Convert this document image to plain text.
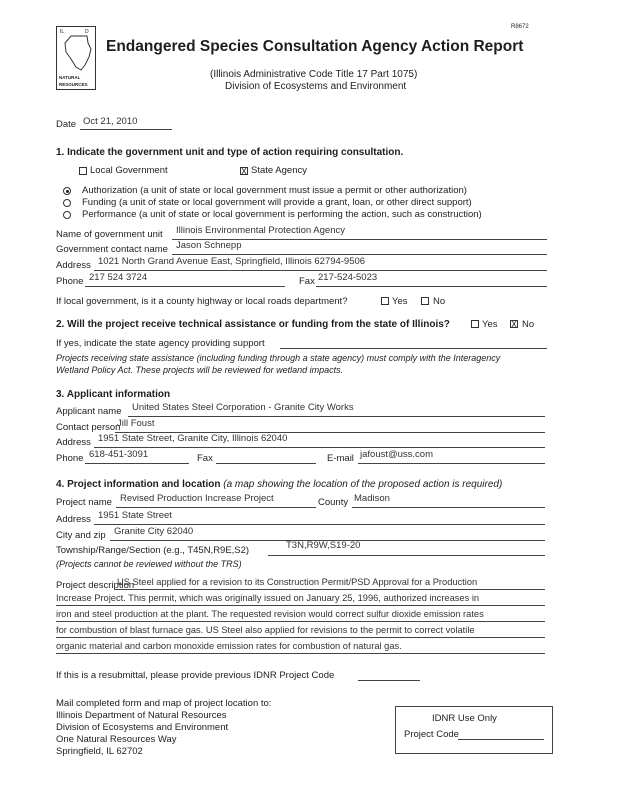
R8672
IL	D
NATURAL
RESOURCES
Endangered Species Consultation Agency Action Report
(Illinois Administrative Code Title 17 Part 1075)
Division of Ecosystems and Environment
Date Oct 21, 2010
1. Indicate the government unit and type of action requiring consultation.
Local Government	X State Agency
Authorization (a unit of state or local government must issue a permit or other authorization)
Funding (a unit of state or local government will provide a grant, loan, or other direct support)
Performance (a unit of state or local government is performing the action, such as construction)
Name of government unit Illinois Environmental Protection Agency
Government contact name Jason Schnepp
Address 1021 North Grand Avenue East, Springfield, Illinois 62794-9506
Phone 217 524 3724	Fax 217-524-5023
If local government, is it a county highway or local roads department?	Yes	No
2. Will the project receive technical assistance or funding from the state of Illinois?	Yes X No
If yes, indicate the state agency providing support
Projects receiving state assistance (including funding through a state agency) must comply with the Interagency
Wetland Policy Act. These projects will be reviewed for wetland impacts.
3. Applicant information
Applicant name United States Steel Corporation - Granite City Works
Contact person
Jill Foust
Address 1951 State Street, Granite City, Illinois 62040
Phone 618-451-3091	Fax	E-mail jafoust@uss.com
4. Project information and location (a map showing the location of the proposed action is required)
Project name Revised Production Increase Project	County Madison
Address 1951 State Street
City and zip Granite City 62040
Township/Range/Section (e.g., T45N,R9E,S2)	T3N,R9W,S19-20
(Projects cannot be reviewed without the TRS)
Project description
US Steel applied for a revision to its Construction Permit/PSD Approval for a Production
Increase Project. This permit, which was originally issued on January 25, 1996, authorized increases in
iron and steel production at the plant. The requested revision would correct sulfur dioxide emission rates
for combustion of blast furnace gas. US Steel also applied for revisions to the permit to correct volatile
organic material and carbon monoxide emission rates for combustion of natural gas.
If this is a resubmittal, please provide previous IDNR Project Code
Mail completed form and map of project location to:
Illinois Department of Natural Resources
Division of Ecosystems and Environment
One Natural Resources Way
Springfield, IL 62702
IDNR Use Only
Project Code
